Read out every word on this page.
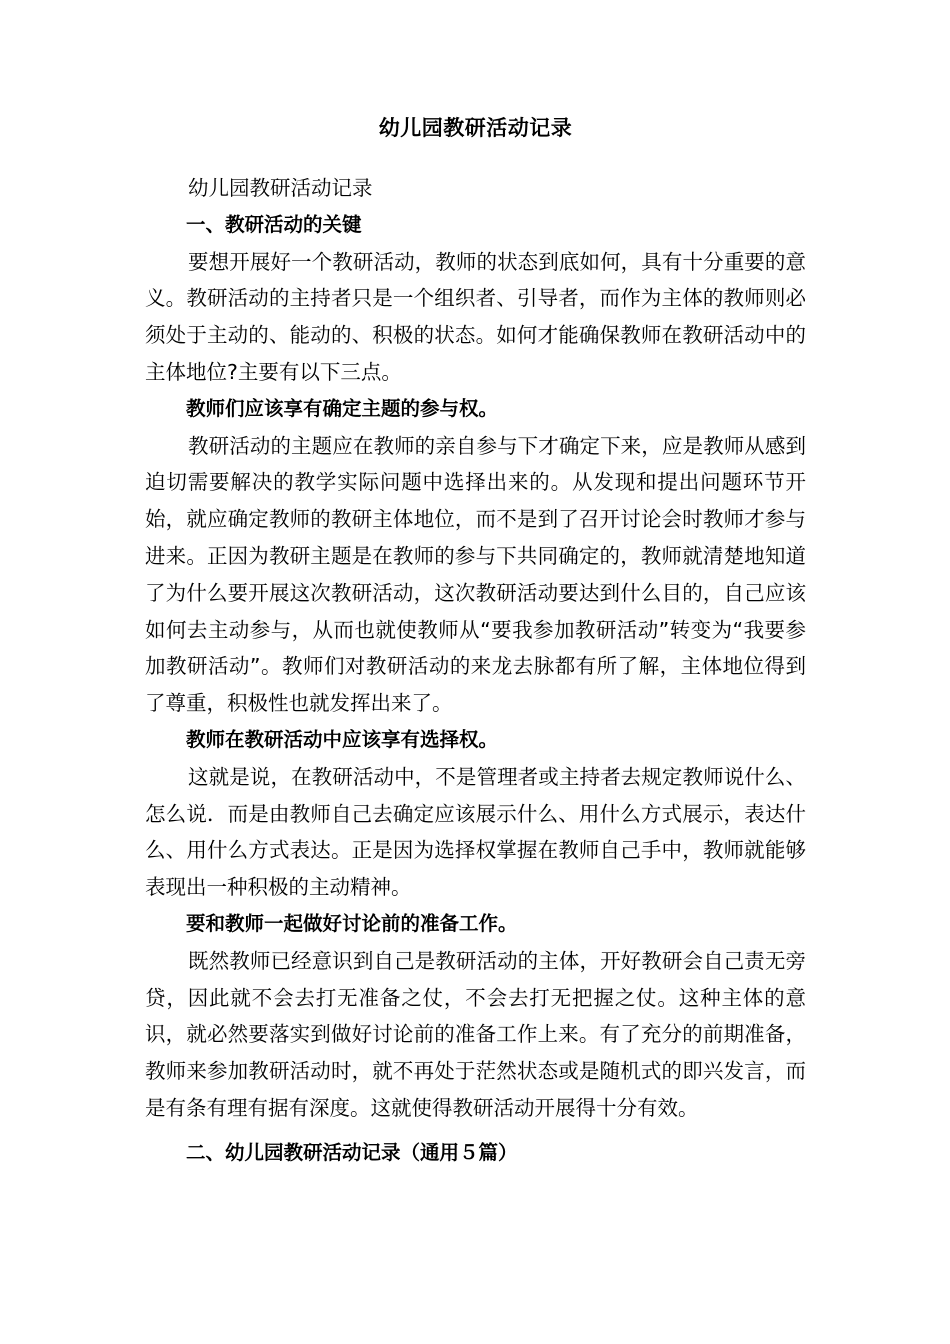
幼儿园教研活动记录

幼儿园教研活动记录

一、教研活动的关键

要想开展好一个教研活动，教师的状态到底如何，具有十分重要的意义。教研活动的主持者只是一个组织者、引导者，而作为主体的教师则必须处于主动的、能动的、积极的状态。如何才能确保教师在教研活动中的主体地位?主要有以下三点。

教师们应该享有确定主题的参与权。

教研活动的主题应在教师的亲自参与下才确定下来，应是教师从感到迫切需要解决的教学实际问题中选择出来的。从发现和提出问题环节开始，就应确定教师的教研主体地位，而不是到了召开讨论会时教师才参与进来。正因为教研主题是在教师的参与下共同确定的，教师就清楚地知道了为什么要开展这次教研活动，这次教研活动要达到什么目的，自己应该如何去主动参与，从而也就使教师从“要我参加教研活动”转变为“我要参加教研活动”。教师们对教研活动的来龙去脉都有所了解，主体地位得到了尊重，积极性也就发挥出来了。

教师在教研活动中应该享有选择权。

这就是说，在教研活动中，不是管理者或主持者去规定教师说什么、怎么说．而是由教师自己去确定应该展示什么、用什么方式展示，表达什么、用什么方式表达。正是因为选择权掌握在教师自己手中，教师就能够表现出一种积极的主动精神。

要和教师一起做好讨论前的准备工作。

既然教师已经意识到自己是教研活动的主体，开好教研会自己责无旁贷，因此就不会去打无准备之仗，不会去打无把握之仗。这种主体的意识，就必然要落实到做好讨论前的准备工作上来。有了充分的前期准备，教师来参加教研活动时，就不再处于茫然状态或是随机式的即兴发言，而是有条有理有据有深度。这就使得教研活动开展得十分有效。

二、幼儿园教研活动记录（通用５篇）
